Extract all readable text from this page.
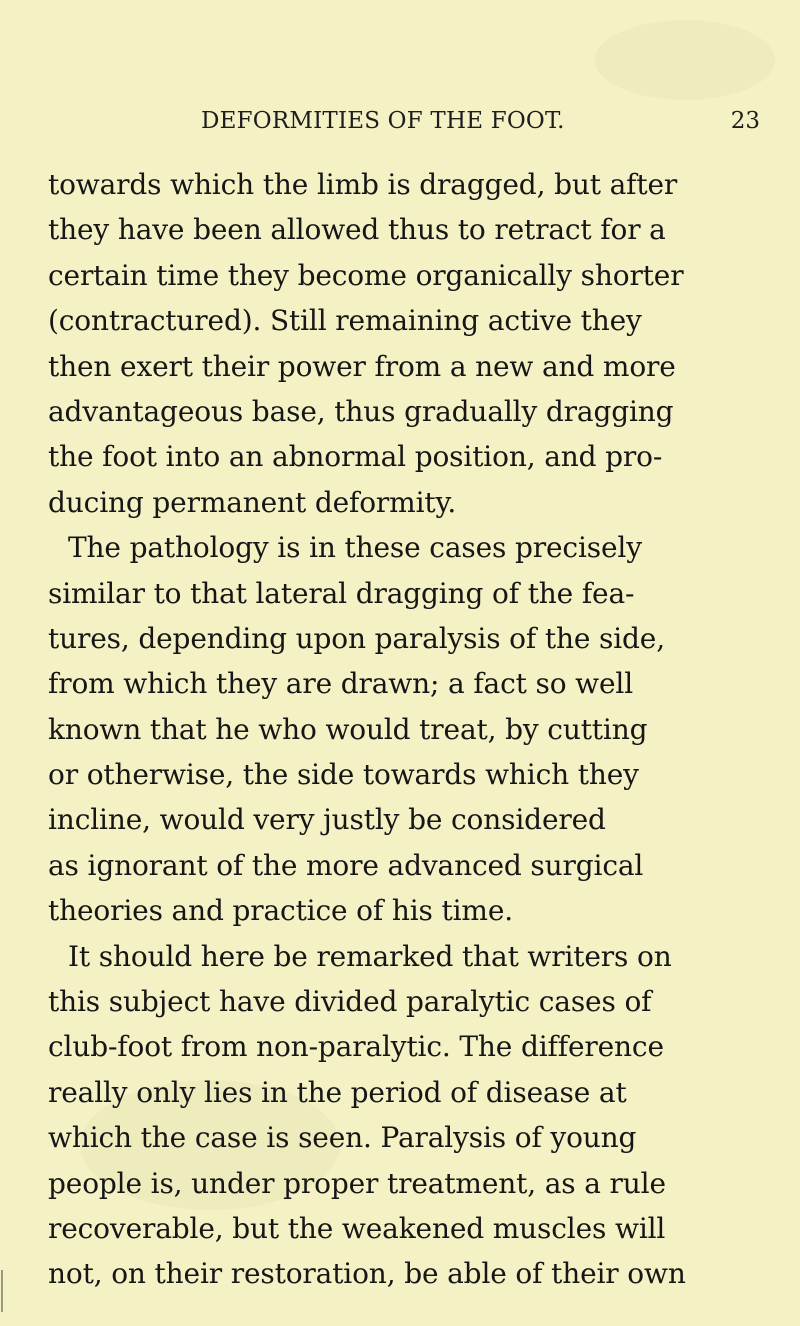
DEFORMITIES OF THE FOOT.	23
towards which the limb is dragged, but after
they have been allowed thus to retract for a
certain time they become organically shorter
(contractured). Still remaining active they
then exert their power from a new and more
advantageous base, thus gradually dragging
the foot into an abnormal position, and pro-
ducing permanent deformity.
The pathology is in these cases precisely
similar to that lateral dragging of the fea-
tures, depending upon paralysis of the side,
from which they are drawn; a fact so well
known that he who would treat, by cutting
or otherwise, the side towards which they
incline, would very justly be considered
as ignorant of the more advanced surgical
theories and practice of his time.
It should here be remarked that writers on
this subject have divided paralytic cases of
club-foot from non-paralytic. The difference
really only lies in the period of disease at
which the case is seen. Paralysis of young
people is, under proper treatment, as a rule
recoverable, but the weakened muscles will
not, on their restoration, be able of their own
